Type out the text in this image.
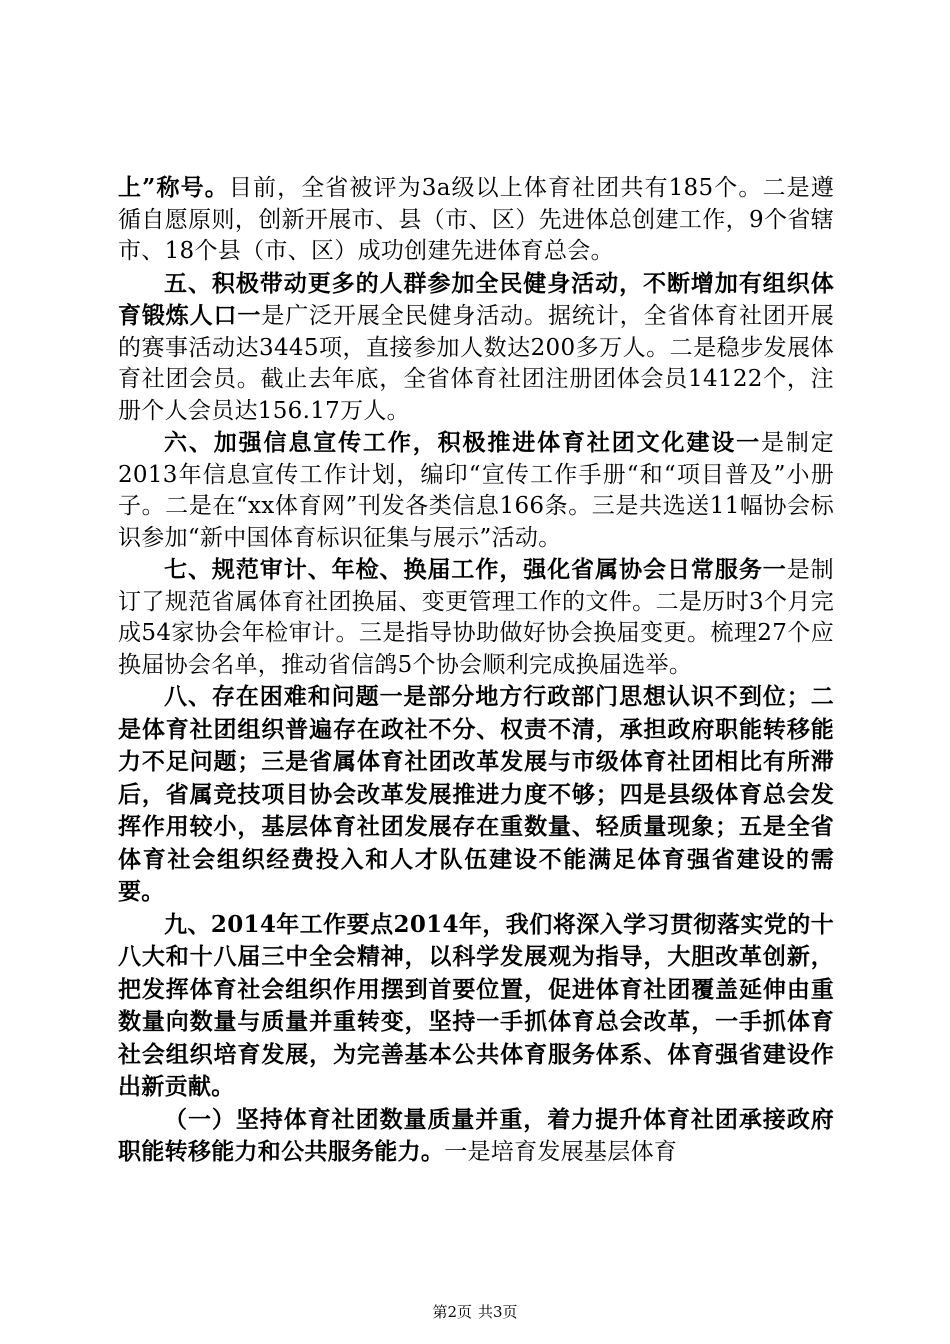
上”称号。目前，全省被评为3a级以上体育社团共有185个。二是遵循自愿原则，创新开展市、县（市、区）先进体总创建工作，9个省辖市、18个县（市、区）成功创建先进体育总会。

五、积极带动更多的人群参加全民健身活动，不断增加有组织体育锻炼人口一是广泛开展全民健身活动。据统计，全省体育社团开展的赛事活动达3445项，直接参加人数达200多万人。二是稳步发展体育社团会员。截止去年底，全省体育社团注册团体会员14122个，注册个人会员达156.17万人。

六、加强信息宣传工作，积极推进体育社团文化建设一是制定2013年信息宣传工作计划，编印“宣传工作手册“和“项目普及”小册子。二是在“xx体育网”刊发各类信息166条。三是共选送11幅协会标识参加“新中国体育标识征集与展示”活动。

七、规范审计、年检、换届工作，强化省属协会日常服务一是制订了规范省属体育社团换届、变更管理工作的文件。二是历时3个月完成54家协会年检审计。三是指导协助做好协会换届变更。梳理27个应换届协会名单，推动省信鸽5个协会顺利完成换届选举。

八、存在困难和问题一是部分地方行政部门思想认识不到位；二是体育社团组织普遍存在政社不分、权责不清，承担政府职能转移能力不足问题；三是省属体育社团改革发展与市级体育社团相比有所滞后，省属竞技项目协会改革发展推进力度不够；四是县级体育总会发挥作用较小，基层体育社团发展存在重数量、轻质量现象；五是全省体育社会组织经费投入和人才队伍建设不能满足体育强省建设的需要。

九、2014年工作要点2014年，我们将深入学习贯彻落实党的十八大和十八届三中全会精神，以科学发展观为指导，大胆改革创新，把发挥体育社会组织作用摆到首要位置，促进体育社团覆盖延伸由重数量向数量与质量并重转变，坚持一手抓体育总会改革，一手抓体育社会组织培育发展，为完善基本公共体育服务体系、体育强省建设作出新贡献。

（一）坚持体育社团数量质量并重，着力提升体育社团承接政府职能转移能力和公共服务能力。一是培育发展基层体育

第2页 共3页
